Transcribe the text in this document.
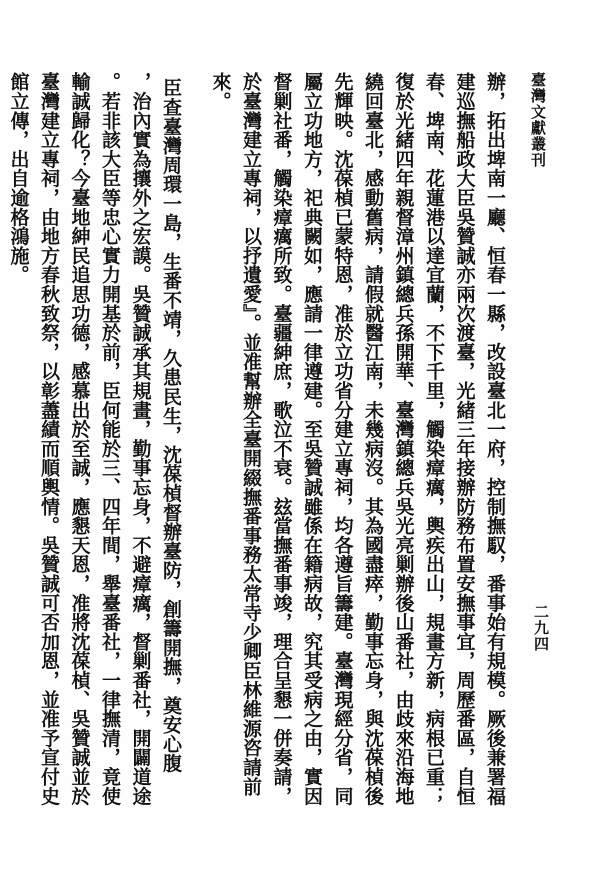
臺灣文獻叢刊
二九四
辦，拓出埤南一廳、恒春一縣，改設臺北一府，控制撫馭，番事始有規模。厥後兼署福
建巡撫船政大臣吳贊誠亦兩次渡臺，光緒三年接辦防務布置安撫事宜，周歷番區，自恒
春、埤南、花蓮港以達宜蘭，不下千里，觸染瘴癘，輿疾出山，規畫方新，病根已重；
復於光緒四年親督漳州鎮總兵孫開華、臺灣鎮總兵吳光亮剿辦後山番社，由歧來沿海地
繞回臺北，感動舊病，請假就醫江南，未幾病沒。其為國盡瘁，勤事忘身，與沈葆楨後
先輝映。沈葆楨已蒙特恩，准於立功省分建立專祠，均各遵旨籌建。臺灣現經分省，同
屬立功地方，祀典闕如，應請一律遵建。至吳贊誠雖係在籍病故，究其受病之由，實因
督剿社番，觸染瘴癘所致。臺疆紳庶，歌泣不衰。玆當撫番事竣，理合呈懇一併奏請，
於臺灣建立專祠，以抒遺愛』。並准幫辦全臺開綴撫番事務太常寺少卿臣林維源咨請前
來。
臣查臺灣周環一島，生番不靖，久患民生，沈葆楨督辦臺防，創籌開撫，奠安心腹
，治內實為攘外之宏謨。吳贊誠承其規畫，勤事忘身，不避瘴癘，督剿番社，開闢道途
。若非該大臣等忠心實力開基於前，臣何能於三、四年間，舉臺番社，一律撫清，竟使
輸誠歸化？今臺地紳民追思功德，感慕出於至誠，應懇天恩，准將沈葆楨、吳贊誠並於
臺灣建立專祠，由地方春秋致祭，以彰藎績而順輿情。吳贊誠可否加恩，並准予宣付史
館立傳，出自逾格鴻施。
